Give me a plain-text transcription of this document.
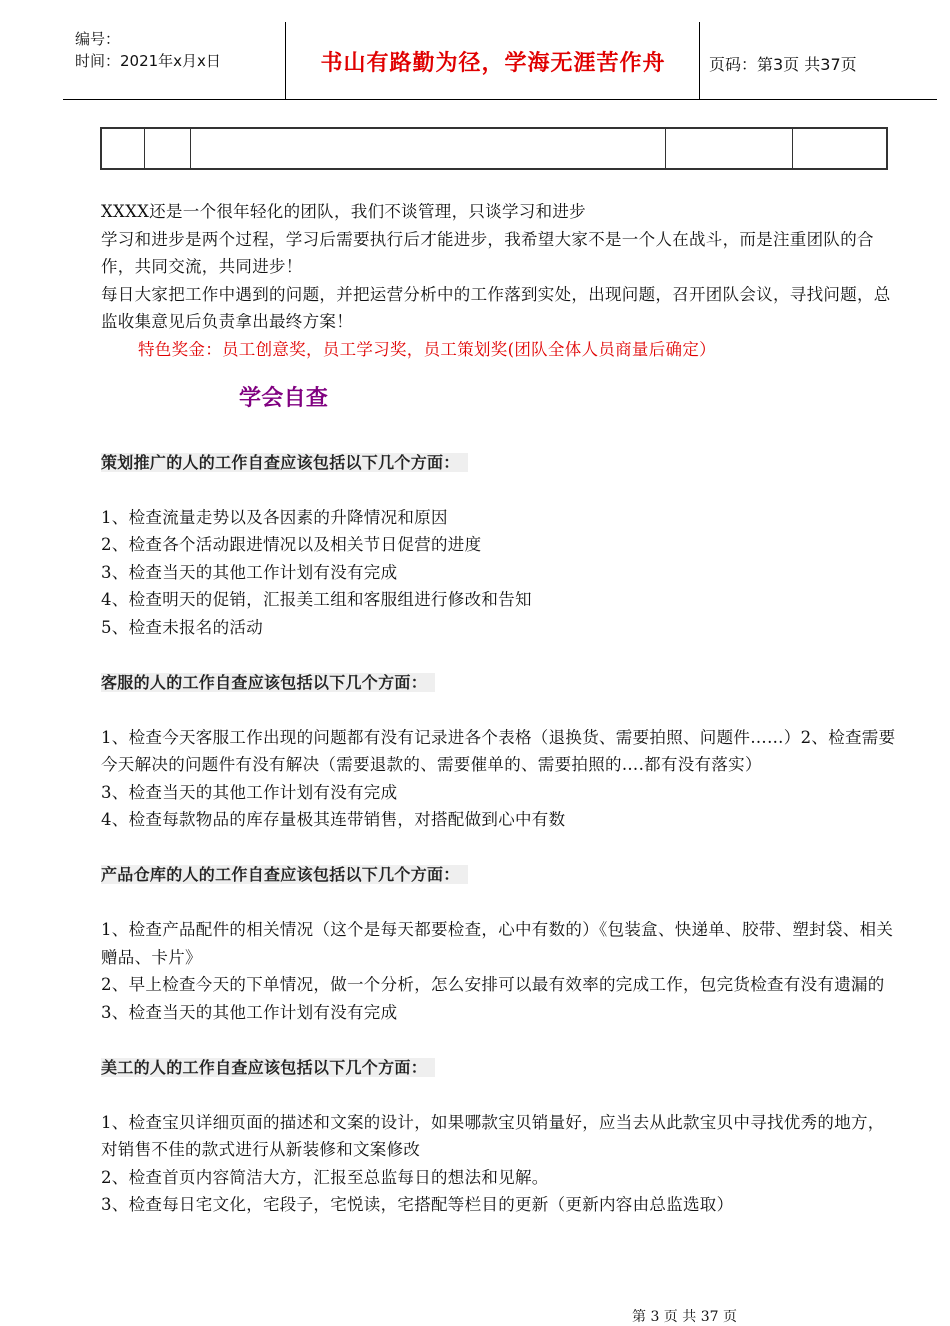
编号：
时间：2021年x月x日	书山有路勤为径，学海无涯苦作舟	页码：第3页 共37页
XXXX还是一个很年轻化的团队，我们不谈管理，只谈学习和进步
学习和进步是两个过程，学习后需要执行后才能进步，我希望大家不是一个人在战斗，而是注重团队的合作，共同交流，共同进步！
每日大家把工作中遇到的问题，并把运营分析中的工作落到实处，出现问题，召开团队会议，寻找问题，总监收集意见后负责拿出最终方案！
特色奖金：员工创意奖，员工学习奖，员工策划奖(团队全体人员商量后确定）
学会自查
策划推广的人的工作自查应该包括以下几个方面：
1、检查流量走势以及各因素的升降情况和原因
2、检查各个活动跟进情况以及相关节日促营的进度
3、检查当天的其他工作计划有没有完成
4、检查明天的促销，汇报美工组和客服组进行修改和告知
5、检查未报名的活动
客服的人的工作自查应该包括以下几个方面：
1、检查今天客服工作出现的问题都有没有记录进各个表格（退换货、需要拍照、问题件……）2、检查需要今天解决的问题件有没有解决（需要退款的、需要催单的、需要拍照的….都有没有落实）
3、检查当天的其他工作计划有没有完成
4、检查每款物品的库存量极其连带销售，对搭配做到心中有数
产品仓库的人的工作自查应该包括以下几个方面：
1、检查产品配件的相关情况（这个是每天都要检查，心中有数的）《包装盒、快递单、胶带、塑封袋、相关赠品、卡片》
2、早上检查今天的下单情况，做一个分析，怎么安排可以最有效率的完成工作，包完货检查有没有遗漏的
3、检查当天的其他工作计划有没有完成
美工的人的工作自查应该包括以下几个方面：
1、检查宝贝详细页面的描述和文案的设计，如果哪款宝贝销量好，应当去从此款宝贝中寻找优秀的地方，对销售不佳的款式进行从新装修和文案修改
2、检查首页内容简洁大方，汇报至总监每日的想法和见解。
3、检查每日宅文化，宅段子，宅悦读，宅搭配等栏目的更新（更新内容由总监选取）
第 3 页 共 37 页
